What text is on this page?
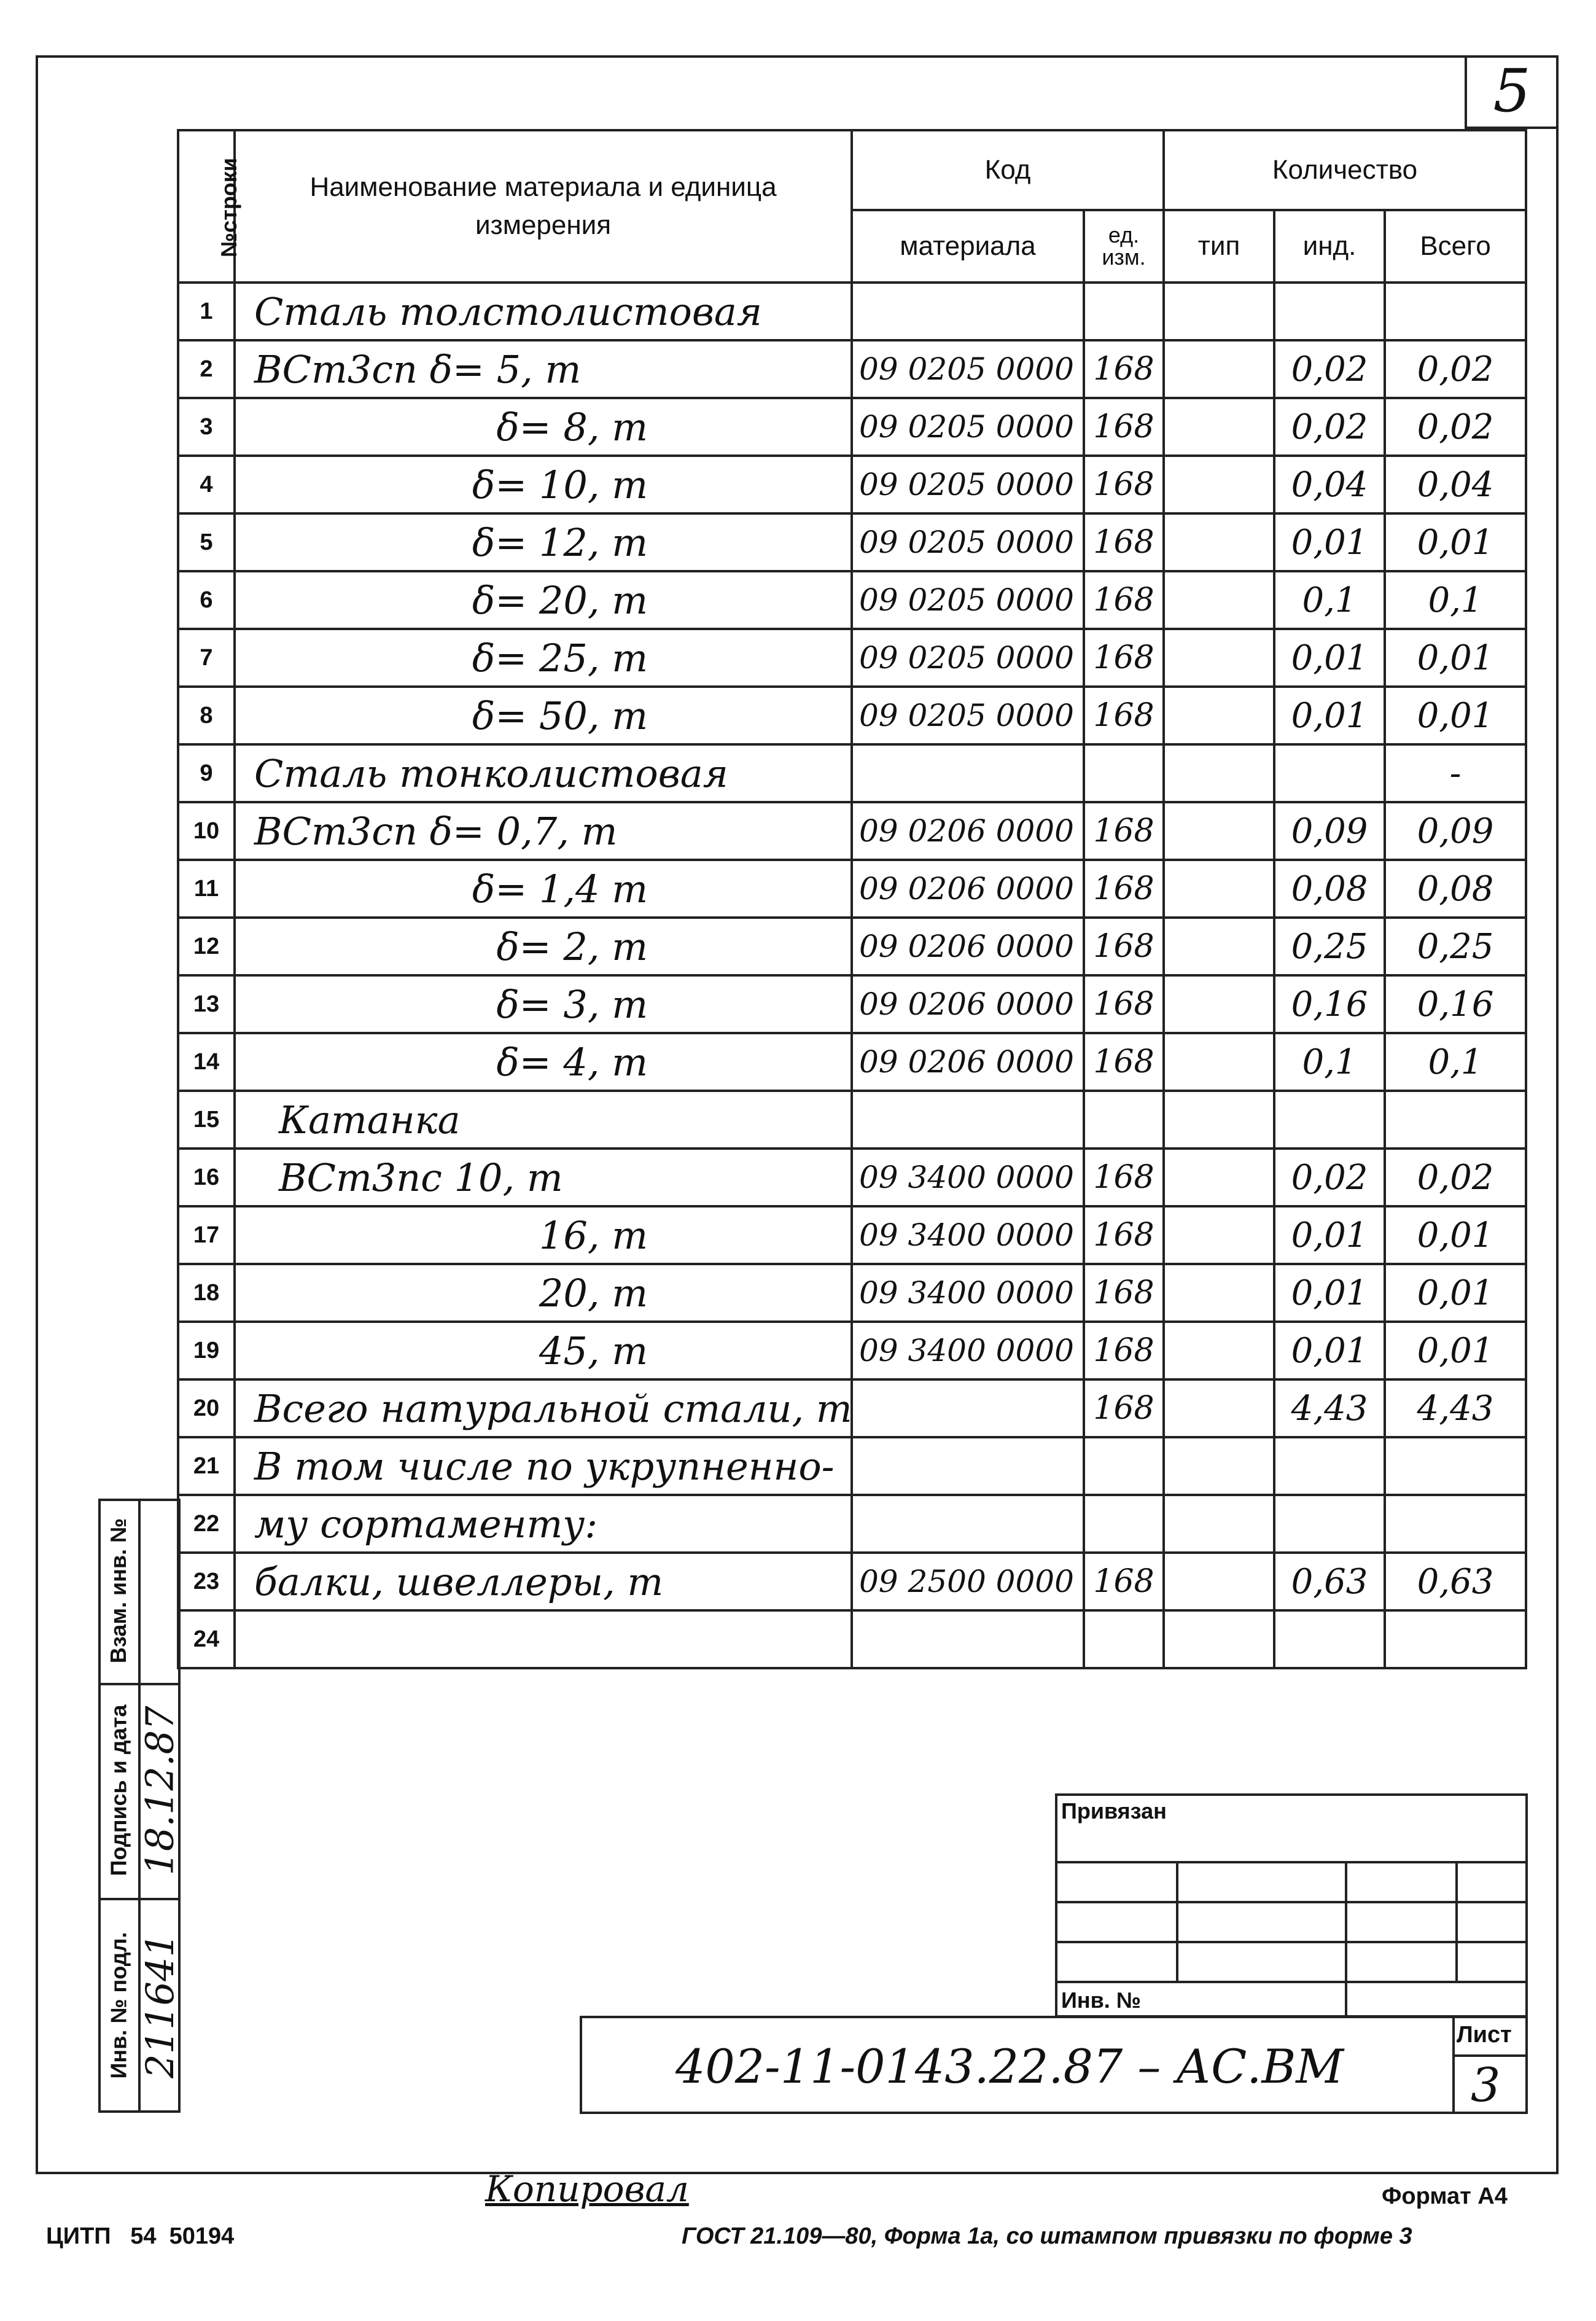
5
№строки	Наименование материала и единица измерения	Код		Количество		
		материала	ед. изм.	тип	инд.	Всего
1	Сталь толстолистовая					
2	ВСт3сп δ= 5, т	09 0205 0000	168		0,02	0,02
3	δ= 8, т	09 0205 0000	168		0,02	0,02
4	δ= 10, т	09 0205 0000	168		0,04	0,04
5	δ= 12, т	09 0205 0000	168		0,01	0,01
6	δ= 20, т	09 0205 0000	168		0,1	0,1
7	δ= 25, т	09 0205 0000	168		0,01	0,01
8	δ= 50, т	09 0205 0000	168		0,01	0,01
9	Сталь тонколистовая					-
10	ВСт3сп δ= 0,7, т	09 0206 0000	168		0,09	0,09
11	δ= 1,4 т	09 0206 0000	168		0,08	0,08
12	δ= 2, т	09 0206 0000	168		0,25	0,25
13	δ= 3, т	09 0206 0000	168		0,16	0,16
14	δ= 4, т	09 0206 0000	168		0,1	0,1
15	Катанка					
16	ВСт3пс 10, т	09 3400 0000	168		0,02	0,02
17	16, т	09 3400 0000	168		0,01	0,01
18	20, т	09 3400 0000	168		0,01	0,01
19	45, т	09 3400 0000	168		0,01	0,01
20	Всего натуральной стали, т		168		4,43	4,43
21	В том числе по укрупненно-					
22	му сортаменту:					
23	балки, швеллеры, т	09 2500 0000	168		0,63	0,63
24						
Взам. инв. №
Подпись и дата 18.12.87
Инв. № подл. 211641
Привязан
Инв. №
402-11-0143.22.87 – АС.ВМ
Лист
3
Копировал	Формат А4
ЦИТП   54  50194	ГОСТ 21.109—80, Форма 1а, со штампом привязки по форме 3
